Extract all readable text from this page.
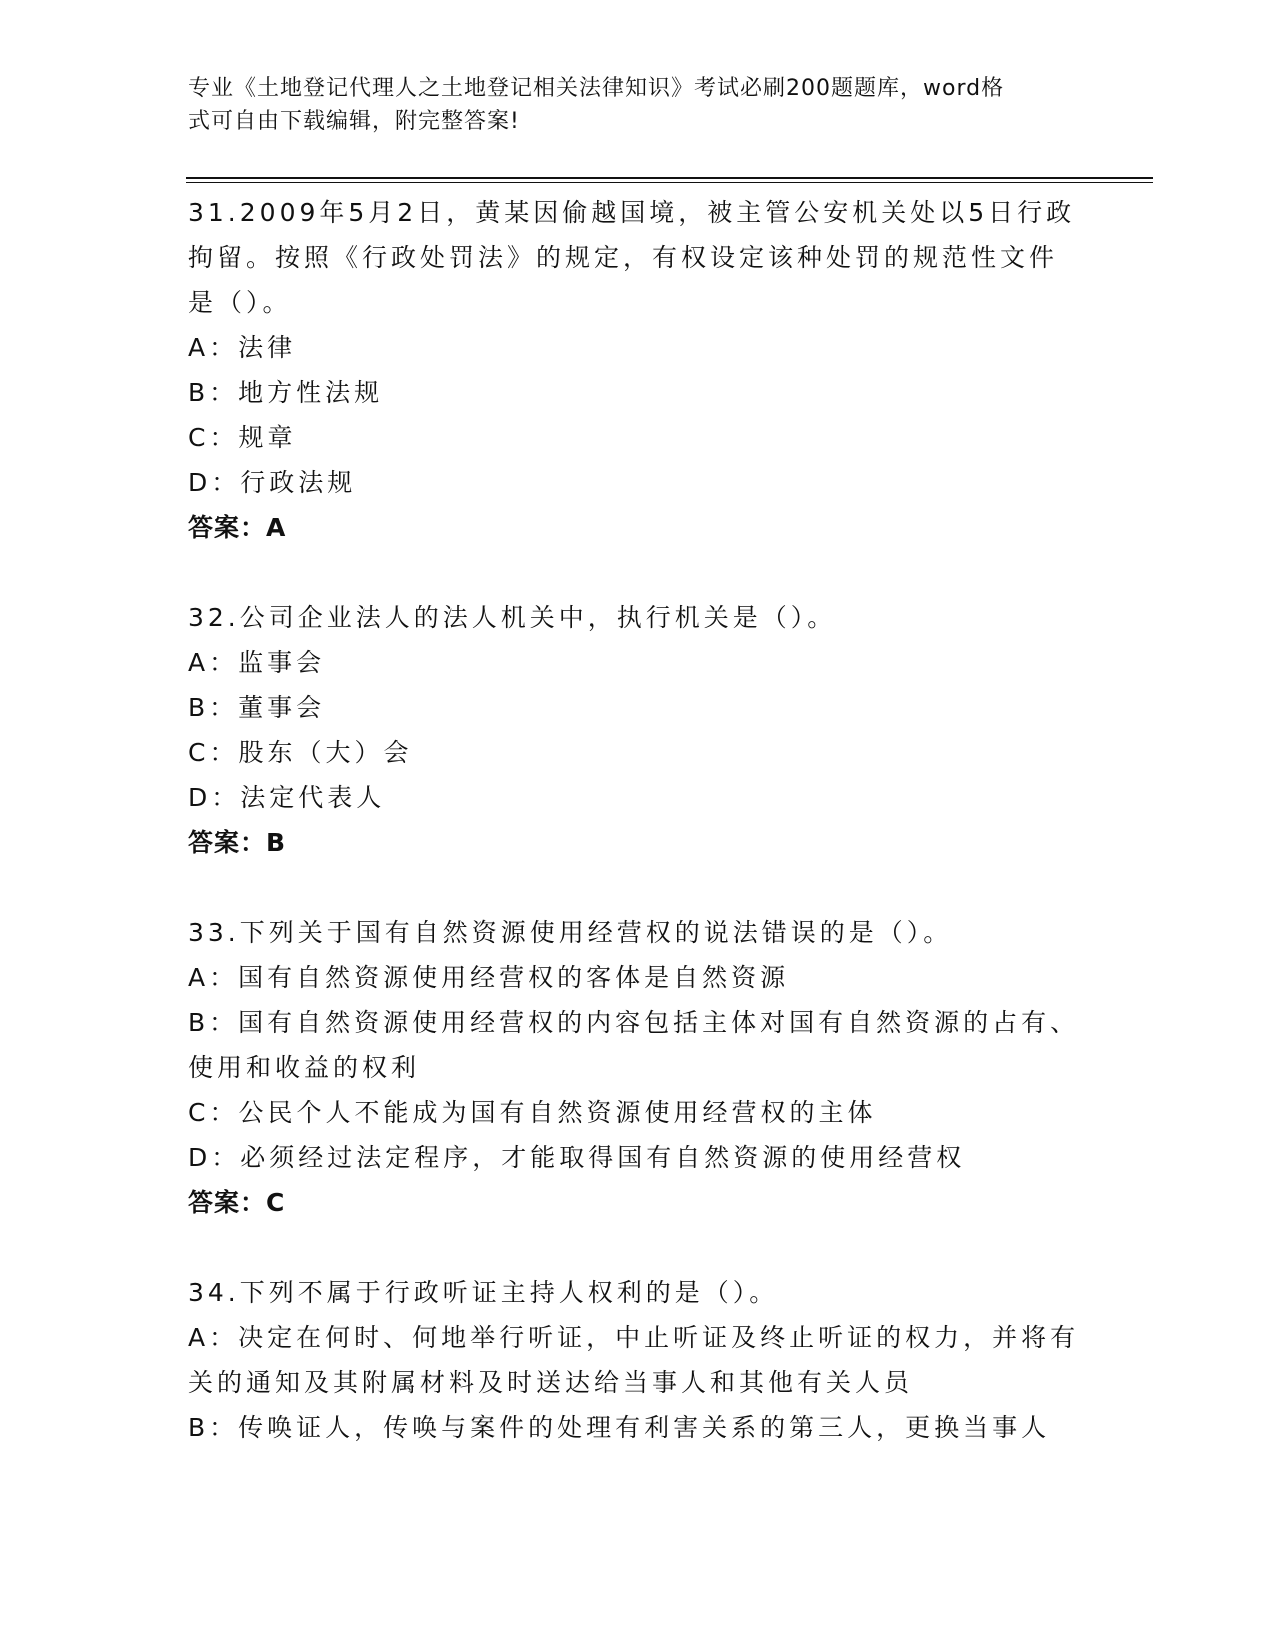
专业《土地登记代理人之土地登记相关法律知识》考试必刷200题题库，word格
式可自由下载编辑，附完整答案!
31.2009年5月2日，黄某因偷越国境，被主管公安机关处以5日行政
拘留。按照《行政处罚法》的规定，有权设定该种处罚的规范性文件
是（）。
A：法律
B：地方性法规
C：规章
D：行政法规
答案：A
32.公司企业法人的法人机关中，执行机关是（）。
A：监事会
B：董事会
C：股东（大）会
D：法定代表人
答案：B
33.下列关于国有自然资源使用经营权的说法错误的是（）。
A：国有自然资源使用经营权的客体是自然资源
B：国有自然资源使用经营权的内容包括主体对国有自然资源的占有、
使用和收益的权利
C：公民个人不能成为国有自然资源使用经营权的主体
D：必须经过法定程序，才能取得国有自然资源的使用经营权
答案：C
34.下列不属于行政听证主持人权利的是（）。
A：决定在何时、何地举行听证，中止听证及终止听证的权力，并将有
关的通知及其附属材料及时送达给当事人和其他有关人员
B：传唤证人，传唤与案件的处理有利害关系的第三人，更换当事人
